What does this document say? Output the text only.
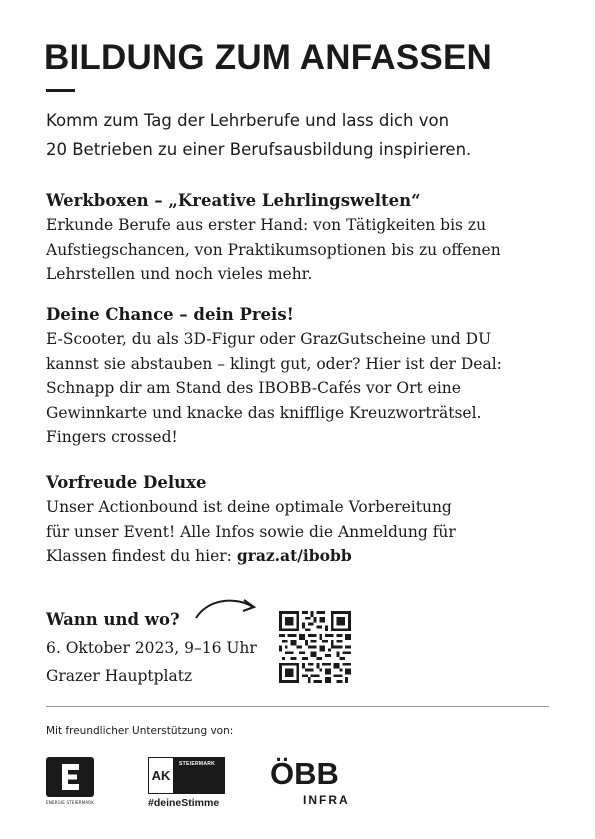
BILDUNG ZUM ANFASSEN
Komm zum Tag der Lehrberufe und lass dich von
20 Betrieben zu einer Berufsausbildung inspirieren.
Werkboxen – „Kreative Lehrlingswelten“
Erkunde Berufe aus erster Hand: von Tätigkeiten bis zu
Aufstiegschancen, von Praktikumsoptionen bis zu offenen
Lehrstellen und noch vieles mehr.
Deine Chance – dein Preis!
E-Scooter, du als 3D-Figur oder GrazGutscheine und DU
kannst sie abstauben – klingt gut, oder? Hier ist der Deal:
Schnapp dir am Stand des IBOBB-Cafés vor Ort eine
Gewinnkarte und knacke das knifflige Kreuzworträtsel.
Fingers crossed!
Vorfreude Deluxe
Unser Actionbound ist deine optimale Vorbereitung
für unser Event! Alle Infos sowie die Anmeldung für
Klassen findest du hier: graz.at/ibobb
Wann und wo?
6. Oktober 2023, 9–16 Uhr
Grazer Hauptplatz
Mit freundlicher Unterstützung von:
ENERGIE STEIERMARK
AK
STEIERMARK
#deineStimme
ÖBB
INFRA
